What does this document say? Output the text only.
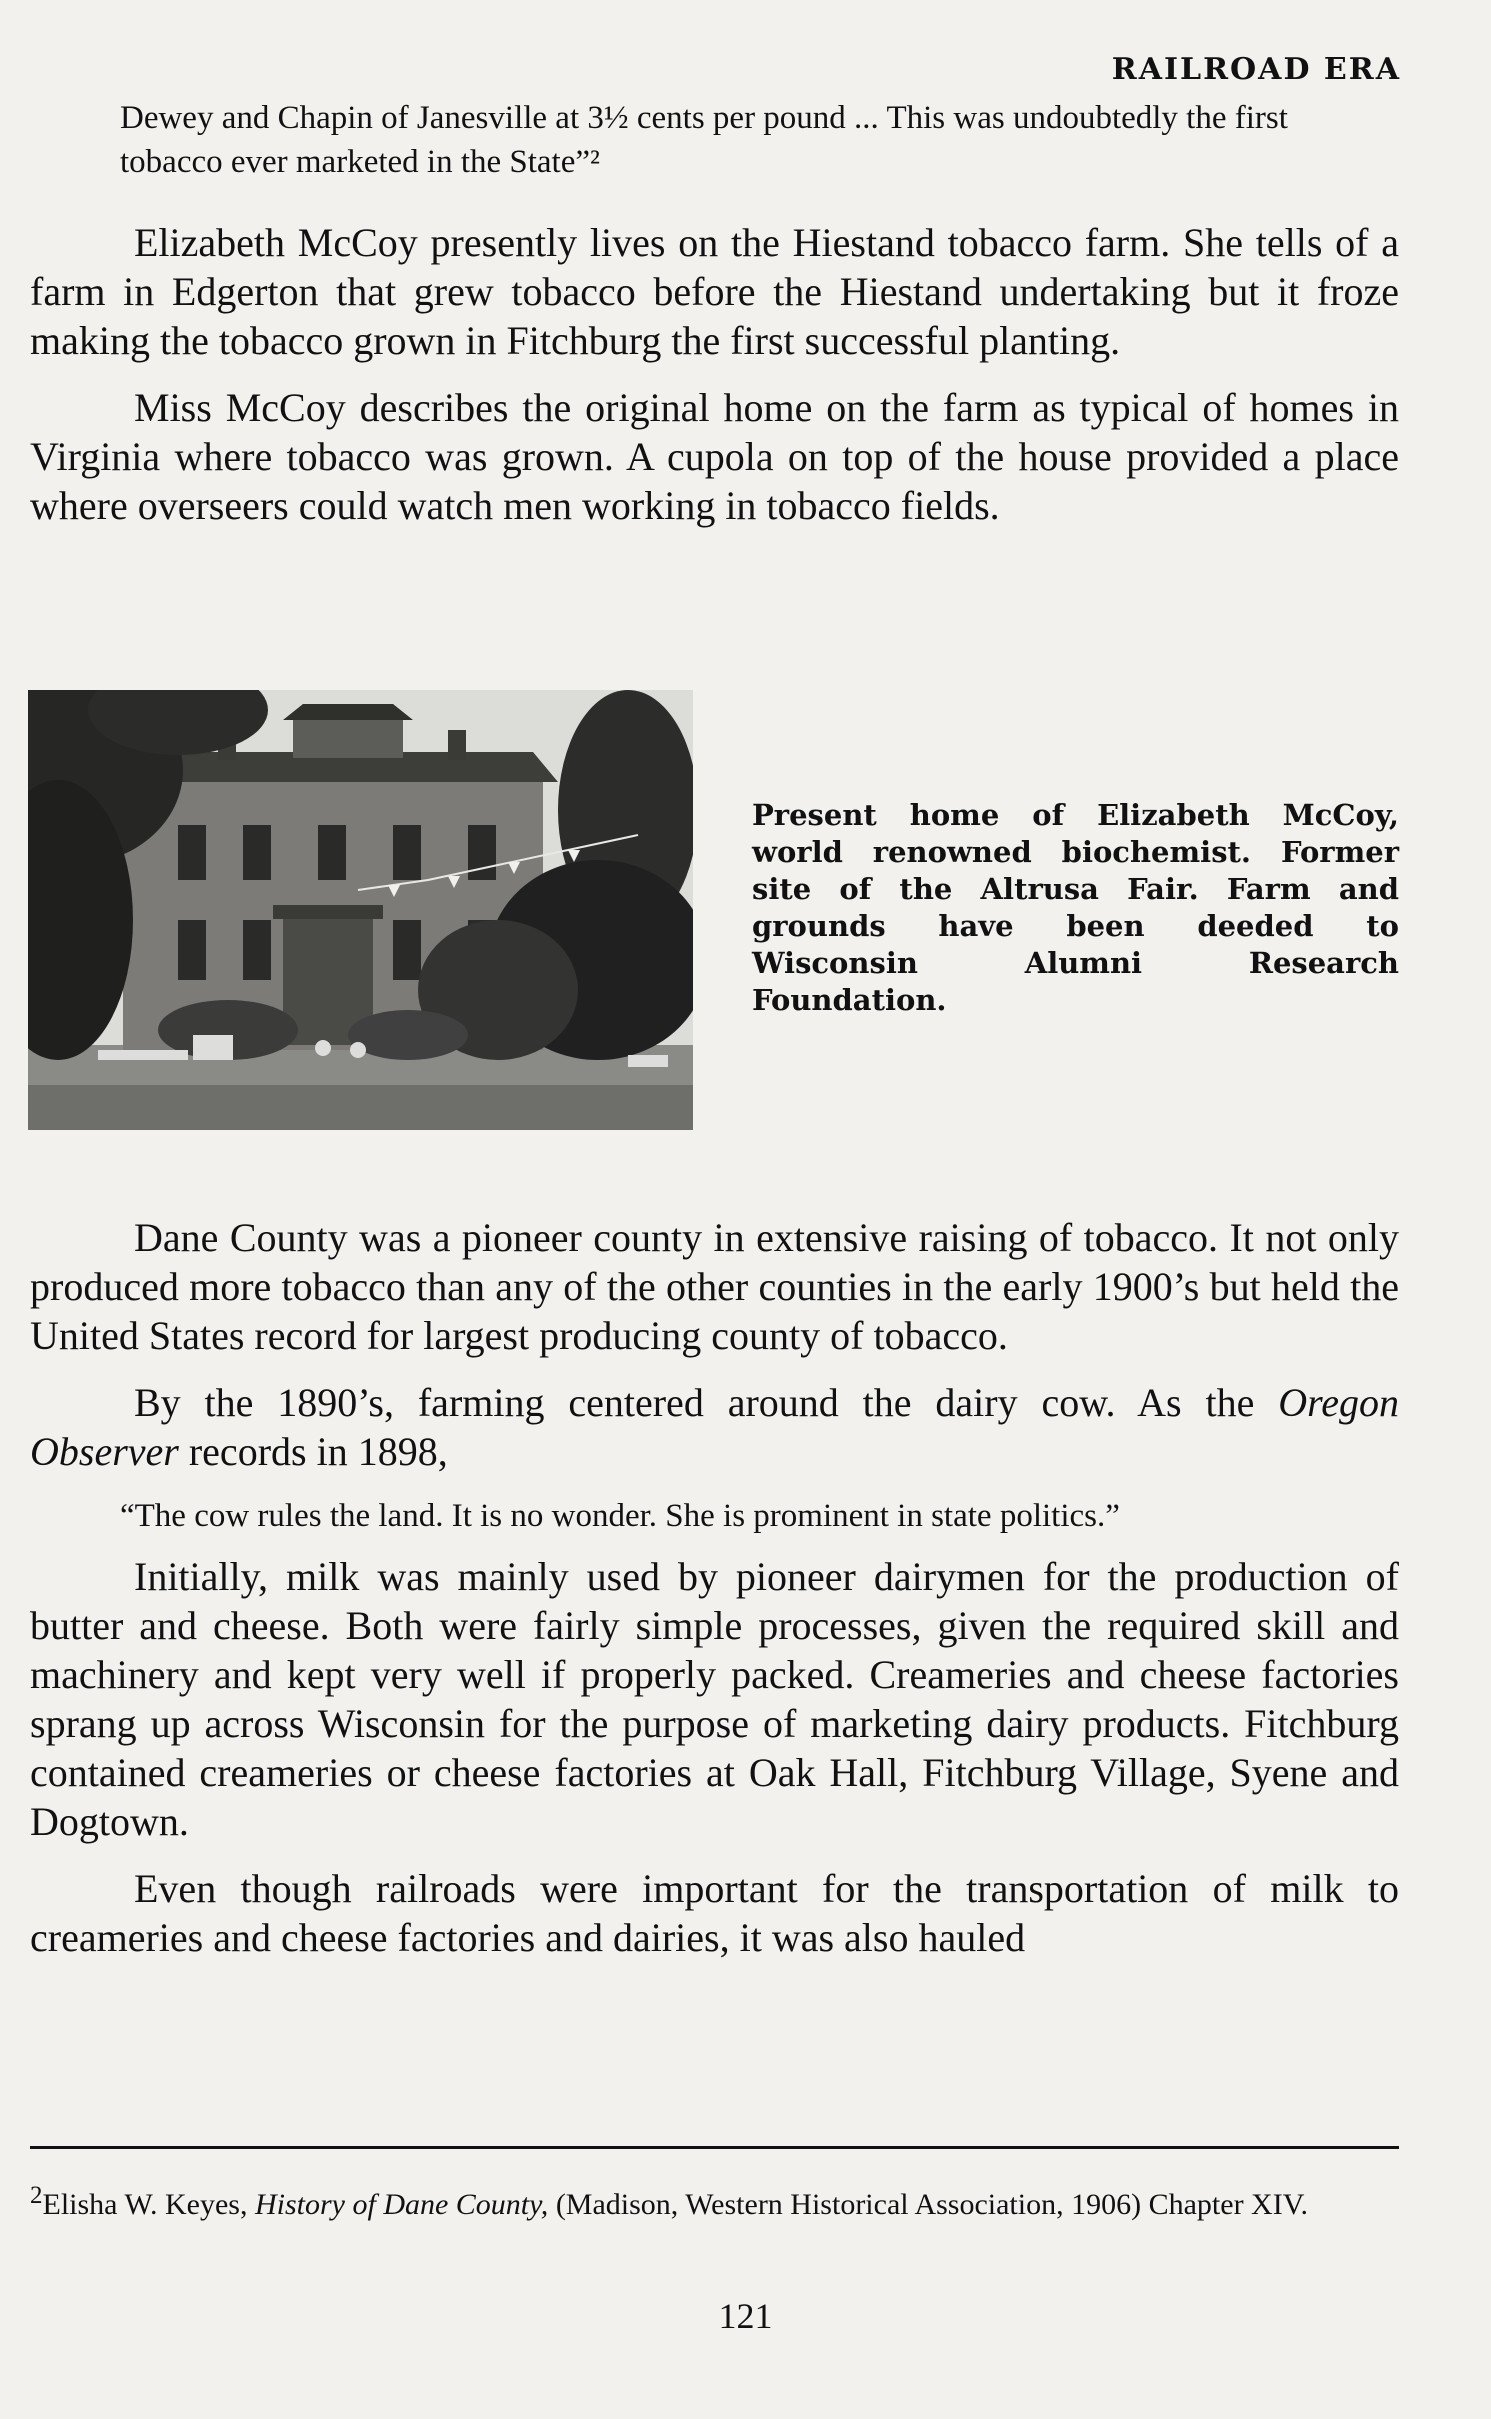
RAILROAD ERA
Dewey and Chapin of Janesville at 3½ cents per pound ... This was undoubtedly the first tobacco ever marketed in the State”²

Elizabeth McCoy presently lives on the Hiestand tobacco farm. She tells of a farm in Edgerton that grew tobacco before the Hiestand undertaking but it froze making the tobacco grown in Fitchburg the first successful planting.

Miss McCoy describes the original home on the farm as typical of homes in Virginia where tobacco was grown. A cupola on top of the house provided a place where overseers could watch men working in tobacco fields.

Present home of Elizabeth McCoy, world renowned biochemist. Former site of the Altrusa Fair. Farm and grounds have been deeded to Wisconsin Alumni Research Foundation.

Dane County was a pioneer county in extensive raising of tobacco. It not only produced more tobacco than any of the other counties in the early 1900’s but held the United States record for largest producing county of tobacco.

By the 1890’s, farming centered around the dairy cow. As the Oregon Observer records in 1898,

“The cow rules the land. It is no wonder. She is prominent in state politics.”

Initially, milk was mainly used by pioneer dairymen for the production of butter and cheese. Both were fairly simple processes, given the required skill and machinery and kept very well if properly packed. Creameries and cheese factories sprang up across Wisconsin for the purpose of marketing dairy products. Fitchburg contained creameries or cheese factories at Oak Hall, Fitchburg Village, Syene and Dogtown.

Even though railroads were important for the transportation of milk to creameries and cheese factories and dairies, it was also hauled

$^2$Elisha W. Keyes, History of Dane County, (Madison, Western Historical Association, 1906) Chapter XIV.
121
